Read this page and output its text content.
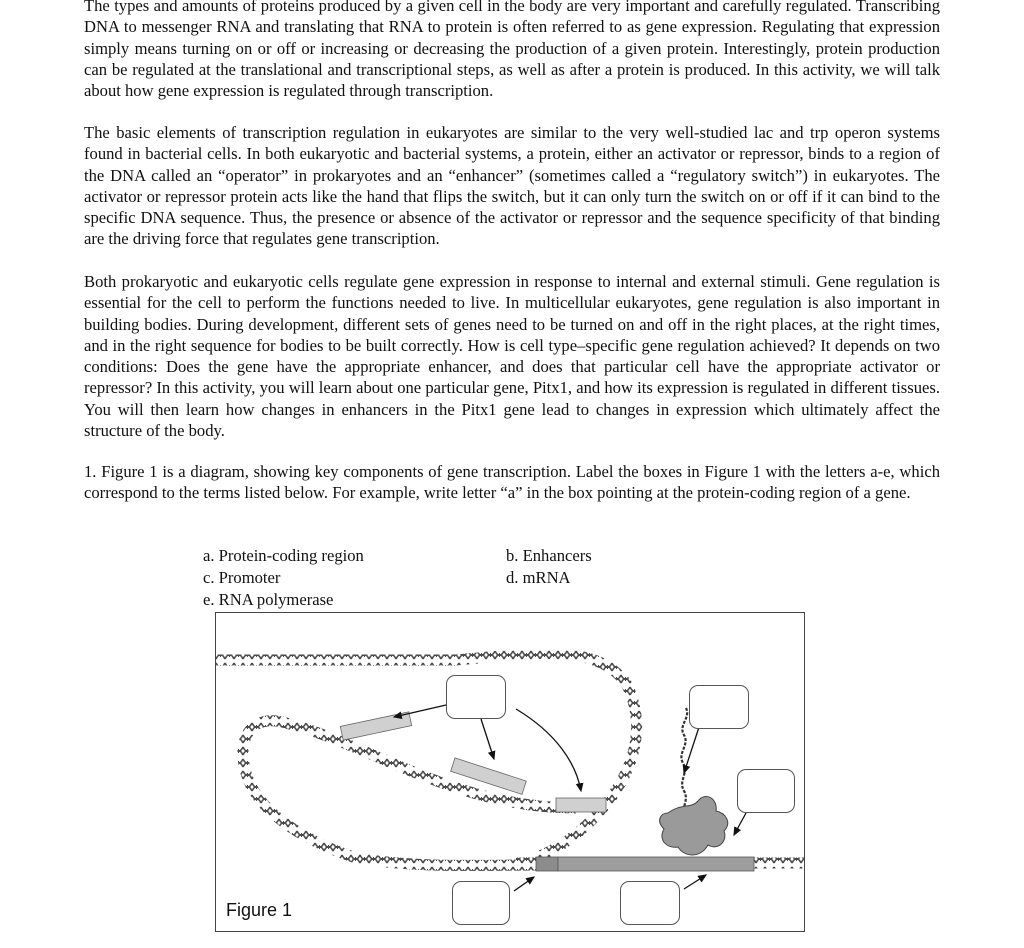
The types and amounts of proteins produced by a given cell in the body are very important and carefully regulated. Transcribing DNA to messenger RNA and translating that RNA to protein is often referred to as gene expression. Regulating that expression simply means turning on or off or increasing or decreasing the production of a given protein. Interestingly, protein production can be regulated at the translational and transcriptional steps, as well as after a protein is produced. In this activity, we will talk about how gene expression is regulated through transcription.

The basic elements of transcription regulation in eukaryotes are similar to the very well-studied lac and trp operon systems found in bacterial cells. In both eukaryotic and bacterial systems, a protein, either an activator or repressor, binds to a region of the DNA called an “operator” in prokaryotes and an “enhancer” (sometimes called a “regulatory switch”) in eukaryotes. The activator or repressor protein acts like the hand that flips the switch, but it can only turn the switch on or off if it can bind to the specific DNA sequence. Thus, the presence or absence of the activator or repressor and the sequence specificity of that binding are the driving force that regulates gene transcription.

Both prokaryotic and eukaryotic cells regulate gene expression in response to internal and external stimuli. Gene regulation is essential for the cell to perform the functions needed to live. In multicellular eukaryotes, gene regulation is also important in building bodies. During development, different sets of genes need to be turned on and off in the right places, at the right times, and in the right sequence for bodies to be built correctly. How is cell type–specific gene regulation achieved? It depends on two conditions: Does the gene have the appropriate enhancer, and does that particular cell have the appropriate activator or repressor? In this activity, you will learn about one particular gene, Pitx1, and how its expression is regulated in different tissues. You will then learn how changes in enhancers in the Pitx1 gene lead to changes in expression which ultimately affect the structure of the body.

1. Figure 1 is a diagram, showing key components of gene transcription. Label the boxes in Figure 1 with the letters a-e, which correspond to the terms listed below. For example, write letter “a” in the box pointing at the protein-coding region of a gene.

a. Protein-coding region
c. Promoter
e. RNA polymerase
b. Enhancers
d. mRNA
Figure 1
